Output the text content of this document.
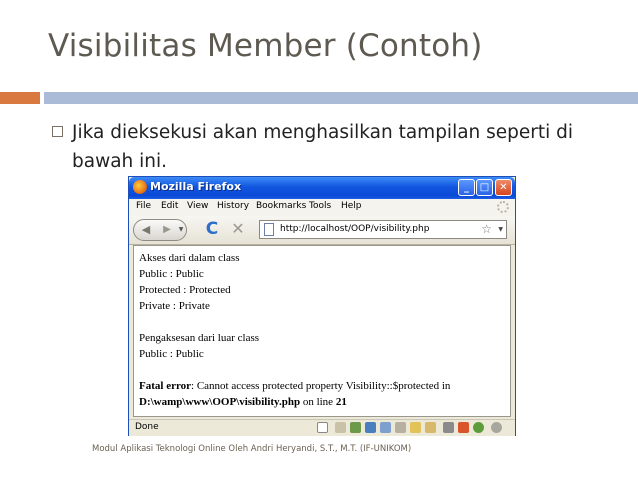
Visibilitas Member (Contoh)
Jika dieksekusi akan menghasilkan tampilan seperti di bawah ini.
Mozilla Firefox	_	□	✕
File Edit View History Bookmarks Tools Help
◀	▶	▼ C ✕	http://localhost/OOP/visibility.php	☆ ▼
Akses dari dalam class
Public : Public
Protected : Protected
Private : Private
Pengaksesan dari luar class
Public : Public
Fatal error: Cannot access protected property Visibility::$protected in
D:\wamp\www\OOP\visibility.php on line 21
Done
Modul Aplikasi Teknologi Online Oleh Andri Heryandi, S.T., M.T. (IF-UNIKOM)
